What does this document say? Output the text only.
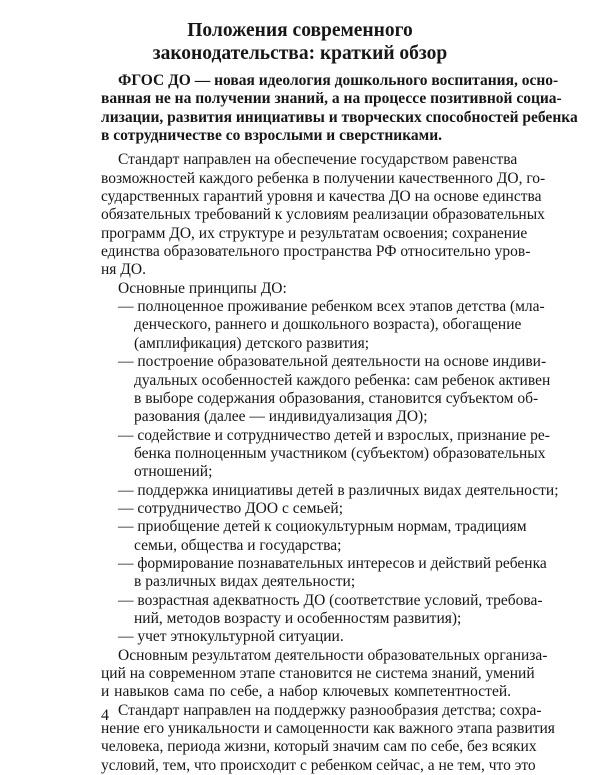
Положения современного
законодательства: краткий обзор
ФГОС ДО — новая идеология дошкольного воспитания, осно-
ванная не на получении знаний, а на процессе позитивной социа-
лизации, развития инициативы и творческих способностей ребенка
в сотрудничестве со взрослыми и сверстниками.
Стандарт направлен на обеспечение государством равенства
возможностей каждого ребенка в получении качественного ДО, го-
сударственных гарантий уровня и качества ДО на основе единства
обязательных требований к условиям реализации образовательных
программ ДО, их структуре и результатам освоения; сохранение
единства образовательного пространства РФ относительно уров-
ня ДО.
Основные принципы ДО:
— полноценное проживание ребенком всех этапов детства (мла-
денческого, раннего и дошкольного возраста), обогащение
(амплификация) детского развития;
— построение образовательной деятельности на основе индиви-
дуальных особенностей каждого ребенка: сам ребенок активен
в выборе содержания образования, становится субъектом об-
разования (далее — индивидуализация ДО);
— содействие и сотрудничество детей и взрослых, признание ре-
бенка полноценным участником (субъектом) образовательных
отношений;
— поддержка инициативы детей в различных видах деятельности;
— сотрудничество ДОО с семьей;
— приобщение детей к социокультурным нормам, традициям
семьи, общества и государства;
— формирование познавательных интересов и действий ребенка
в различных видах деятельности;
— возрастная адекватность ДО (соответствие условий, требова-
ний, методов возрасту и особенностям развития);
— учет этнокультурной ситуации.
Основным результатом деятельности образовательных организа-
ций на современном этапе становится не система знаний, умений
и навыков сама по себе, а набор ключевых компетентностей.
Стандарт направлен на поддержку разнообразия детства; сохра-
нение его уникальности и самоценности как важного этапа развития
человека, периода жизни, который значим сам по себе, без всяких
условий, тем, что происходит с ребенком сейчас, а не тем, что это
4
